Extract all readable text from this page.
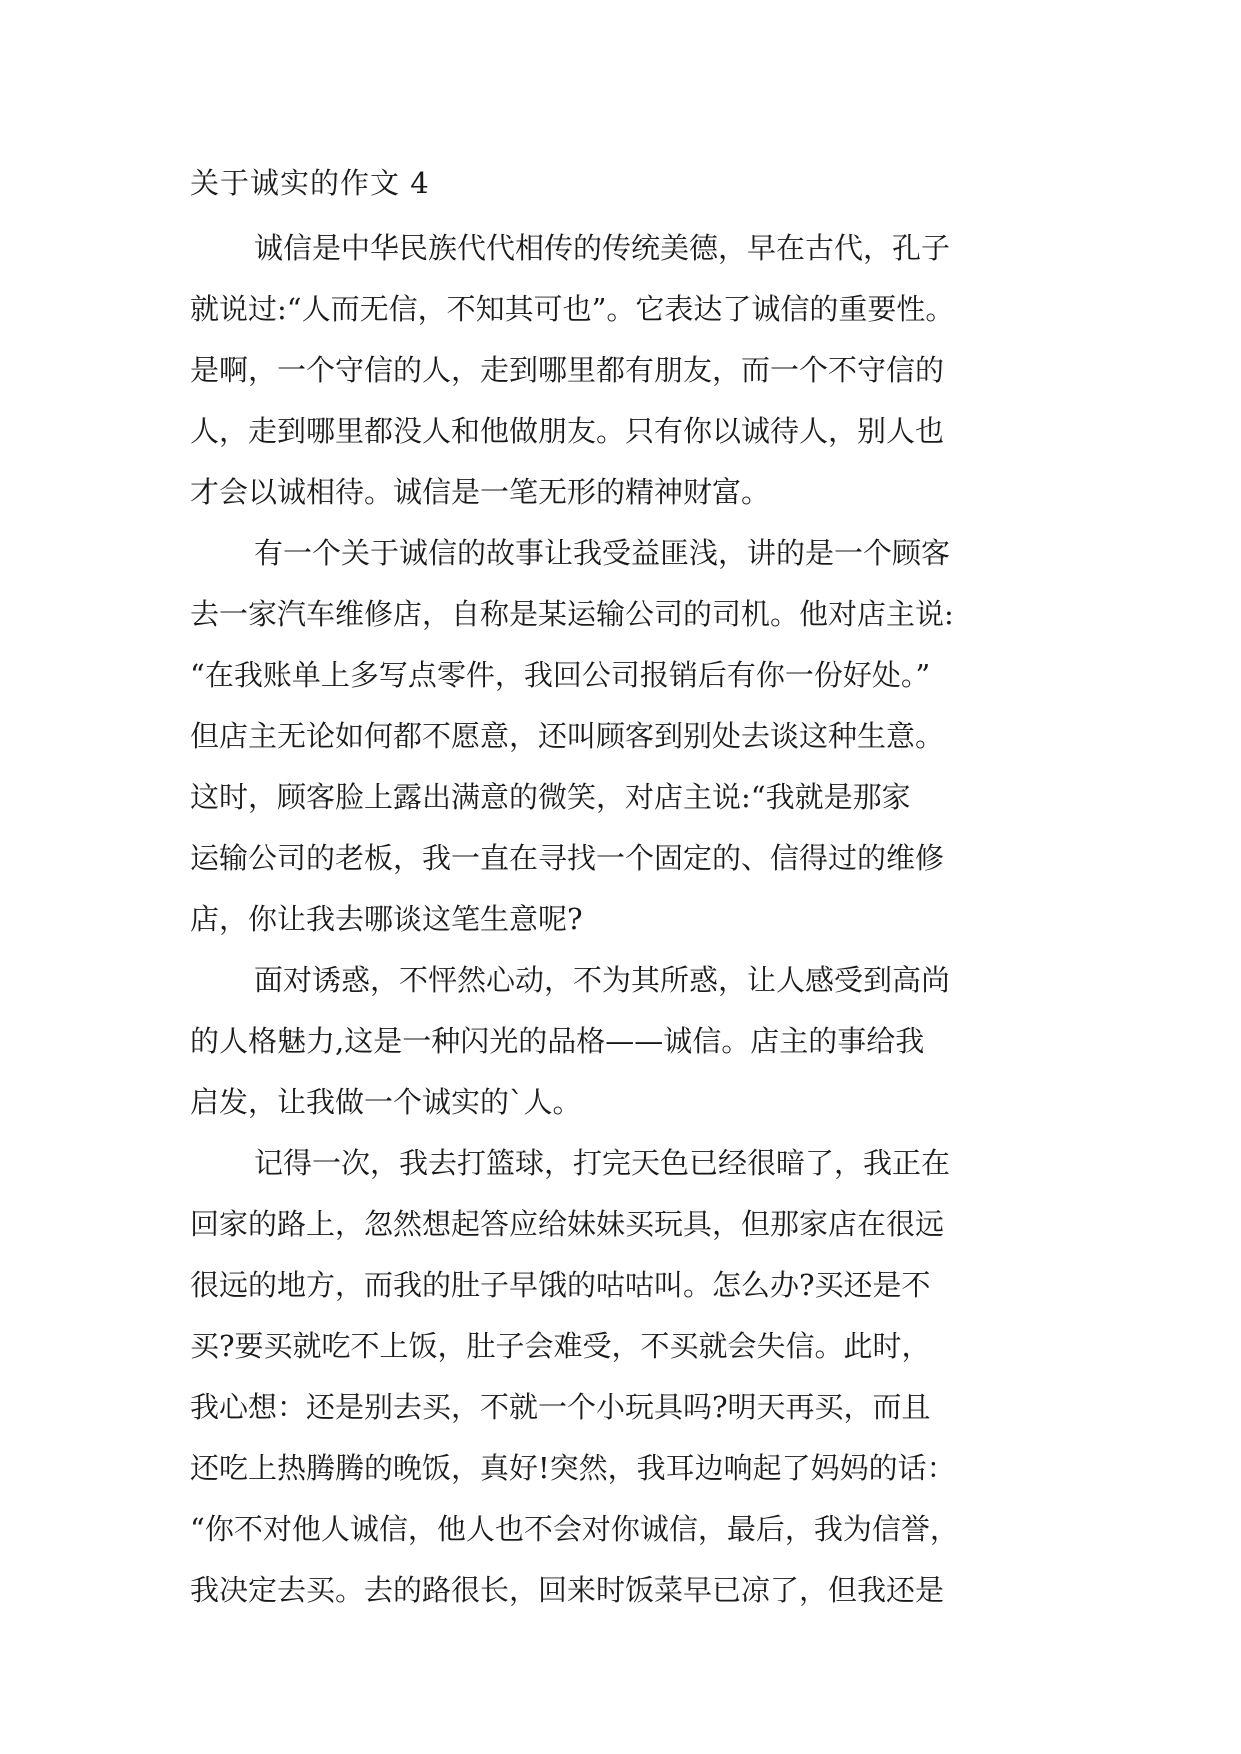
关于诚实的作文 4

诚信是中华民族代代相传的传统美德，早在古代，孔子
就说过:“人而无信，不知其可也”。它表达了诚信的重要性。
是啊，一个守信的人，走到哪里都有朋友，而一个不守信的
人，走到哪里都没人和他做朋友。只有你以诚待人，别人也
才会以诚相待。诚信是一笔无形的精神财富。

有一个关于诚信的故事让我受益匪浅，讲的是一个顾客
去一家汽车维修店，自称是某运输公司的司机。他对店主说:
“在我账单上多写点零件，我回公司报销后有你一份好处。”
但店主无论如何都不愿意，还叫顾客到别处去谈这种生意。
这时，顾客脸上露出满意的微笑，对店主说:“我就是那家
运输公司的老板，我一直在寻找一个固定的、信得过的维修
店，你让我去哪谈这笔生意呢?

面对诱惑，不怦然心动，不为其所惑，让人感受到高尚
的人格魅力,这是一种闪光的品格——诚信。店主的事给我
启发，让我做一个诚实的`人。

记得一次，我去打篮球，打完天色已经很暗了，我正在
回家的路上，忽然想起答应给妹妹买玩具，但那家店在很远
很远的地方，而我的肚子早饿的咕咕叫。怎么办?买还是不
买?要买就吃不上饭，肚子会难受，不买就会失信。此时，
我心想：还是别去买，不就一个小玩具吗?明天再买，而且
还吃上热腾腾的晚饭，真好!突然，我耳边响起了妈妈的话：
“你不对他人诚信，他人也不会对你诚信，最后，我为信誉，
我决定去买。去的路很长，回来时饭菜早已凉了，但我还是
